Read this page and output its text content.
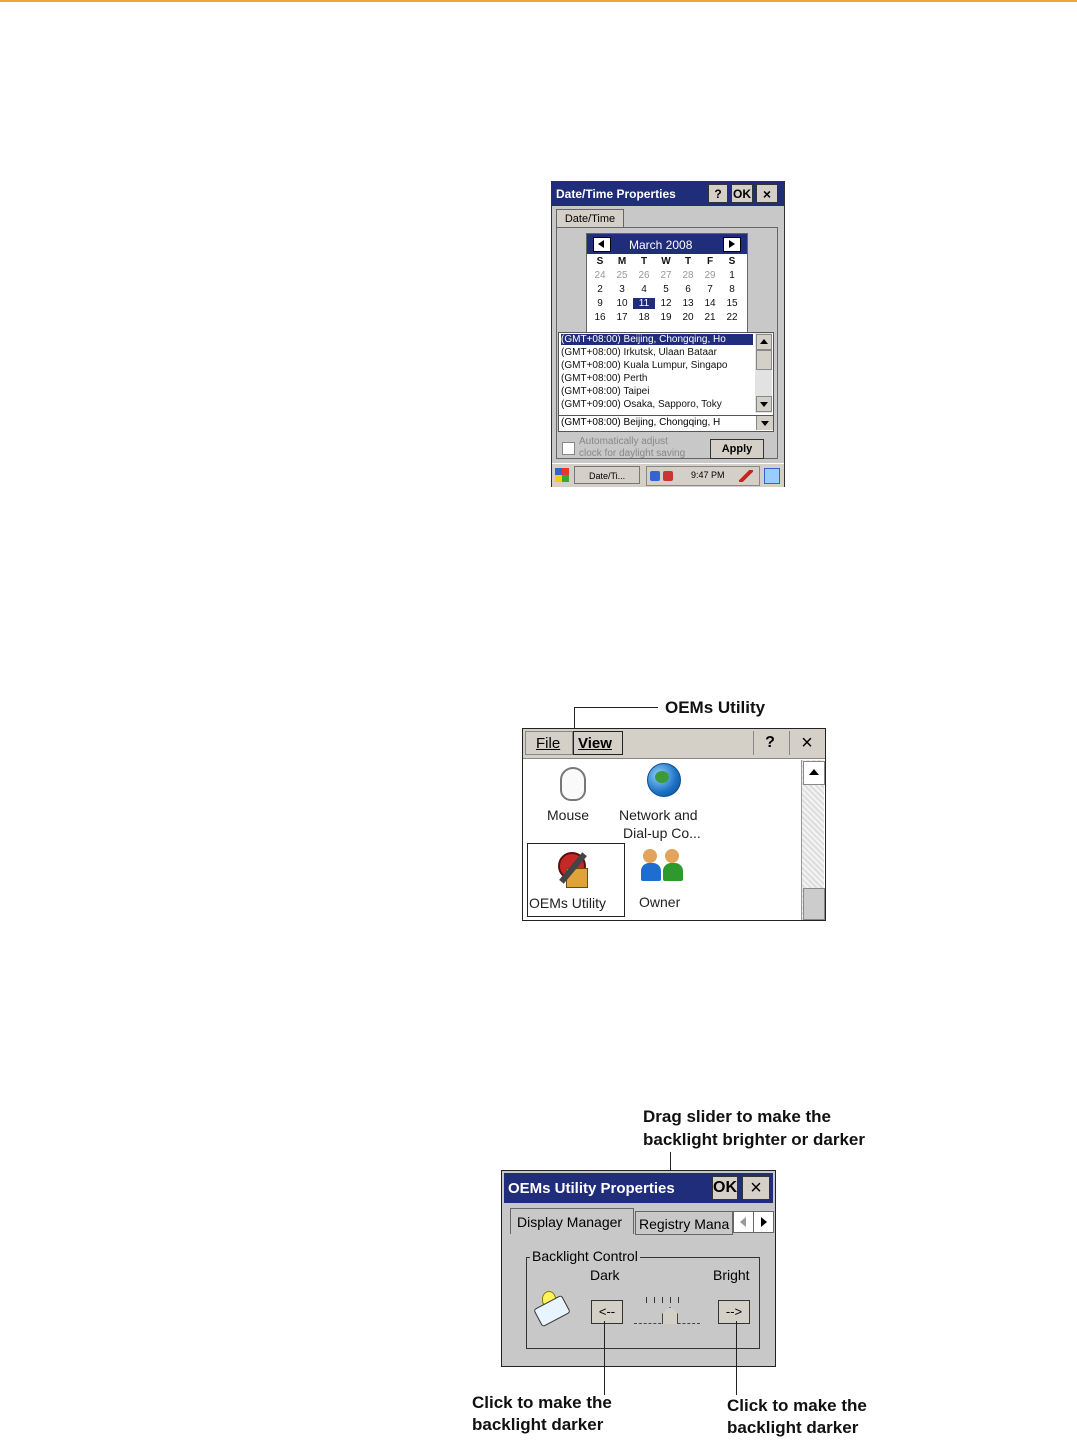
Date/Time Properties	? OK ×
Date/Time
March 2008
S	M	T	W	T	F	S
24	25	26	27	28	29	1
2	3	4	5	6	7	8
9	10	11	12	13	14	15
16	17	18	19	20	21	22
(GMT+08:00) Beijing, Chongqing, Ho
(GMT+08:00) Irkutsk, Ulaan Bataar
(GMT+08:00) Kuala Lumpur, Singapo
(GMT+08:00) Perth
(GMT+08:00) Taipei
(GMT+09:00) Osaka, Sapporo, Toky
(GMT+08:00) Beijing, Chongqing, H
Automatically adjust
clock for daylight saving	Apply
Date/Ti...	9:47 PM
OEMs Utility
File	View	?	×
Mouse Network and
Dial-up Co...
OEMs Utility Owner
Drag slider to make the
backlight brighter or darker
OEMs Utility Properties OK ×
Display Manager	Registry Mana
Backlight Control
Dark	Bright
<--	-->
Click to make the
backlight darker
Click to make the
backlight darker
